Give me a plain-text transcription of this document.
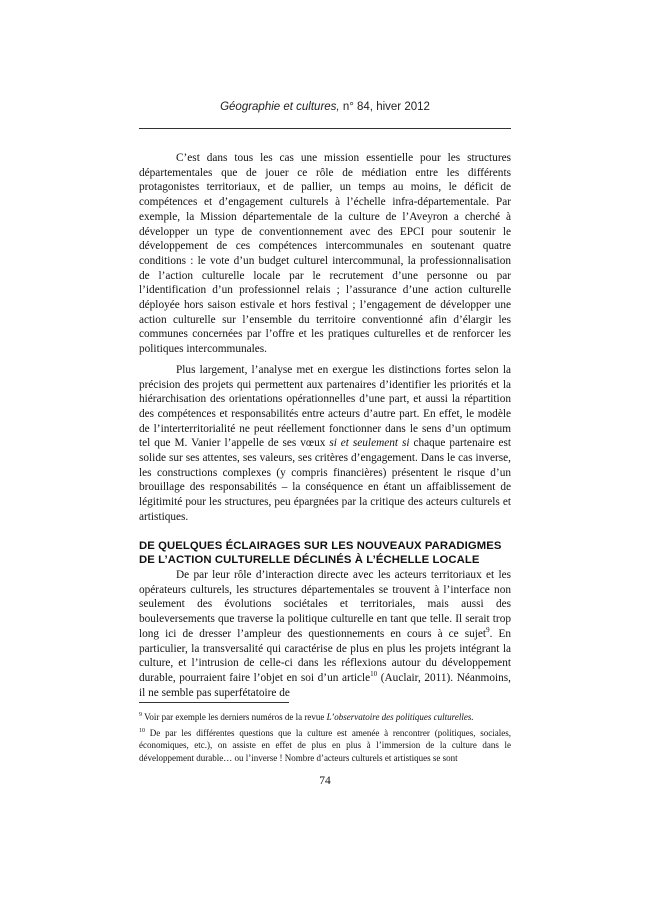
Géographie et cultures, n° 84, hiver 2012

C’est dans tous les cas une mission essentielle pour les structures départementales que de jouer ce rôle de médiation entre les différents protagonistes territoriaux, et de pallier, un temps au moins, le déficit de compétences et d’engagement culturels à l’échelle infra-départementale. Par exemple, la Mission départementale de la culture de l’Aveyron a cherché à développer un type de conventionnement avec des EPCI pour soutenir le développement de ces compétences intercommunales en soutenant quatre conditions : le vote d’un budget culturel intercommunal, la professionnalisation de l’action culturelle locale par le recrutement d’une personne ou par l’identification d’un professionnel relais ; l’assurance d’une action culturelle déployée hors saison estivale et hors festival ; l’engagement de développer une action culturelle sur l’ensemble du territoire conventionné afin d’élargir les communes concernées par l’offre et les pratiques culturelles et de renforcer les politiques intercommunales.

Plus largement, l’analyse met en exergue les distinctions fortes selon la précision des projets qui permettent aux partenaires d’identifier les priorités et la hiérarchisation des orientations opérationnelles d’une part, et aussi la répartition des compétences et responsabilités entre acteurs d’autre part. En effet, le modèle de l’interterritorialité ne peut réellement fonctionner dans le sens d’un optimum tel que M. Vanier l’appelle de ses vœux si et seulement si chaque partenaire est solide sur ses attentes, ses valeurs, ses critères d’engagement. Dans le cas inverse, les constructions complexes (y compris financières) présentent le risque d’un brouillage des responsabilités – la conséquence en étant un affaiblissement de légitimité pour les structures, peu épargnées par la critique des acteurs culturels et artistiques.

DE QUELQUES ÉCLAIRAGES SUR LES NOUVEAUX PARADIGMES
DE L’ACTION CULTURELLE DÉCLINÉS À L’ÉCHELLE LOCALE

De par leur rôle d’interaction directe avec les acteurs territoriaux et les opérateurs culturels, les structures départementales se trouvent à l’interface non seulement des évolutions sociétales et territoriales, mais aussi des bouleversements que traverse la politique culturelle en tant que telle. Il serait trop long ici de dresser l’ampleur des questionnements en cours à ce sujet$^9$. En particulier, la transversalité qui caractérise de plus en plus les projets intégrant la culture, et l’intrusion de celle-ci dans les réflexions autour du développement durable, pourraient faire l’objet en soi d’un article$^{10}$ (Auclair, 2011). Néanmoins, il ne semble pas superfétatoire de

$^9$ Voir par exemple les derniers numéros de la revue L’observatoire des politiques culturelles.

$^{10}$ De par les différentes questions que la culture est amenée à rencontrer (politiques, sociales, économiques, etc.), on assiste en effet de plus en plus à l’immersion de la culture dans le développement durable… ou l’inverse ! Nombre d’acteurs culturels et artistiques se sont

74
